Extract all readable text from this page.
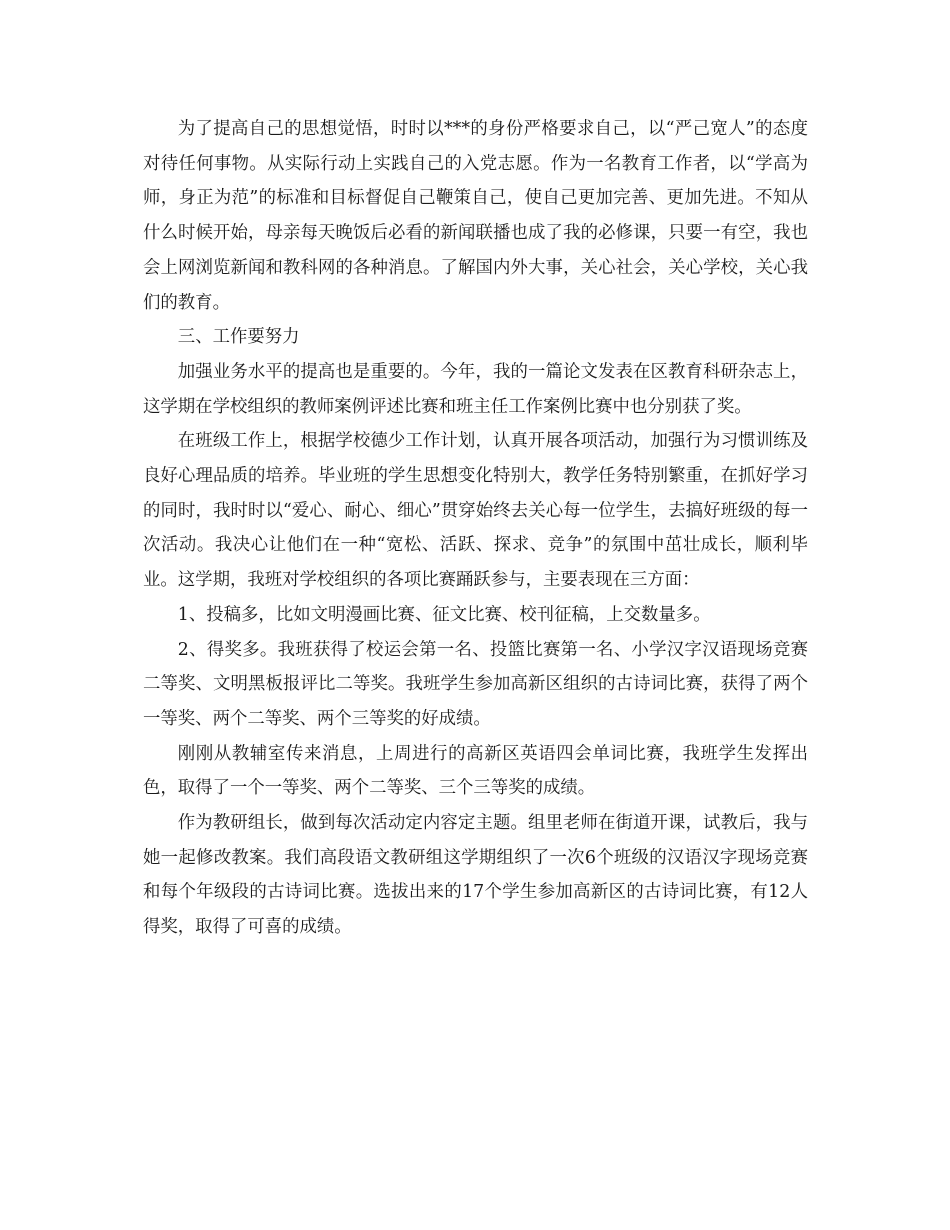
为了提高自己的思想觉悟，时时以***的身份严格要求自己，以“严己宽人”的态度对待任何事物。从实际行动上实践自己的入党志愿。作为一名教育工作者，以“学高为师，身正为范”的标准和目标督促自己鞭策自己，使自己更加完善、更加先进。不知从什么时候开始，母亲每天晚饭后必看的新闻联播也成了我的必修课，只要一有空，我也会上网浏览新闻和教科网的各种消息。了解国内外大事，关心社会，关心学校，关心我们的教育。

三、工作要努力

加强业务水平的提高也是重要的。今年，我的一篇论文发表在区教育科研杂志上，这学期在学校组织的教师案例评述比赛和班主任工作案例比赛中也分别获了奖。

在班级工作上，根据学校德少工作计划，认真开展各项活动，加强行为习惯训练及良好心理品质的培养。毕业班的学生思想变化特别大，教学任务特别繁重，在抓好学习的同时，我时时以“爱心、耐心、细心”贯穿始终去关心每一位学生，去搞好班级的每一次活动。我决心让他们在一种“宽松、活跃、探求、竞争”的氛围中茁壮成长，顺利毕业。这学期，我班对学校组织的各项比赛踊跃参与，主要表现在三方面：

1、投稿多，比如文明漫画比赛、征文比赛、校刊征稿，上交数量多。

2、得奖多。我班获得了校运会第一名、投篮比赛第一名、小学汉字汉语现场竞赛二等奖、文明黑板报评比二等奖。我班学生参加高新区组织的古诗词比赛，获得了两个一等奖、两个二等奖、两个三等奖的好成绩。

刚刚从教辅室传来消息，上周进行的高新区英语四会单词比赛，我班学生发挥出色，取得了一个一等奖、两个二等奖、三个三等奖的成绩。

作为教研组长，做到每次活动定内容定主题。组里老师在街道开课，试教后，我与她一起修改教案。我们高段语文教研组这学期组织了一次6个班级的汉语汉字现场竞赛和每个年级段的古诗词比赛。选拔出来的17个学生参加高新区的古诗词比赛，有12人得奖，取得了可喜的成绩。
